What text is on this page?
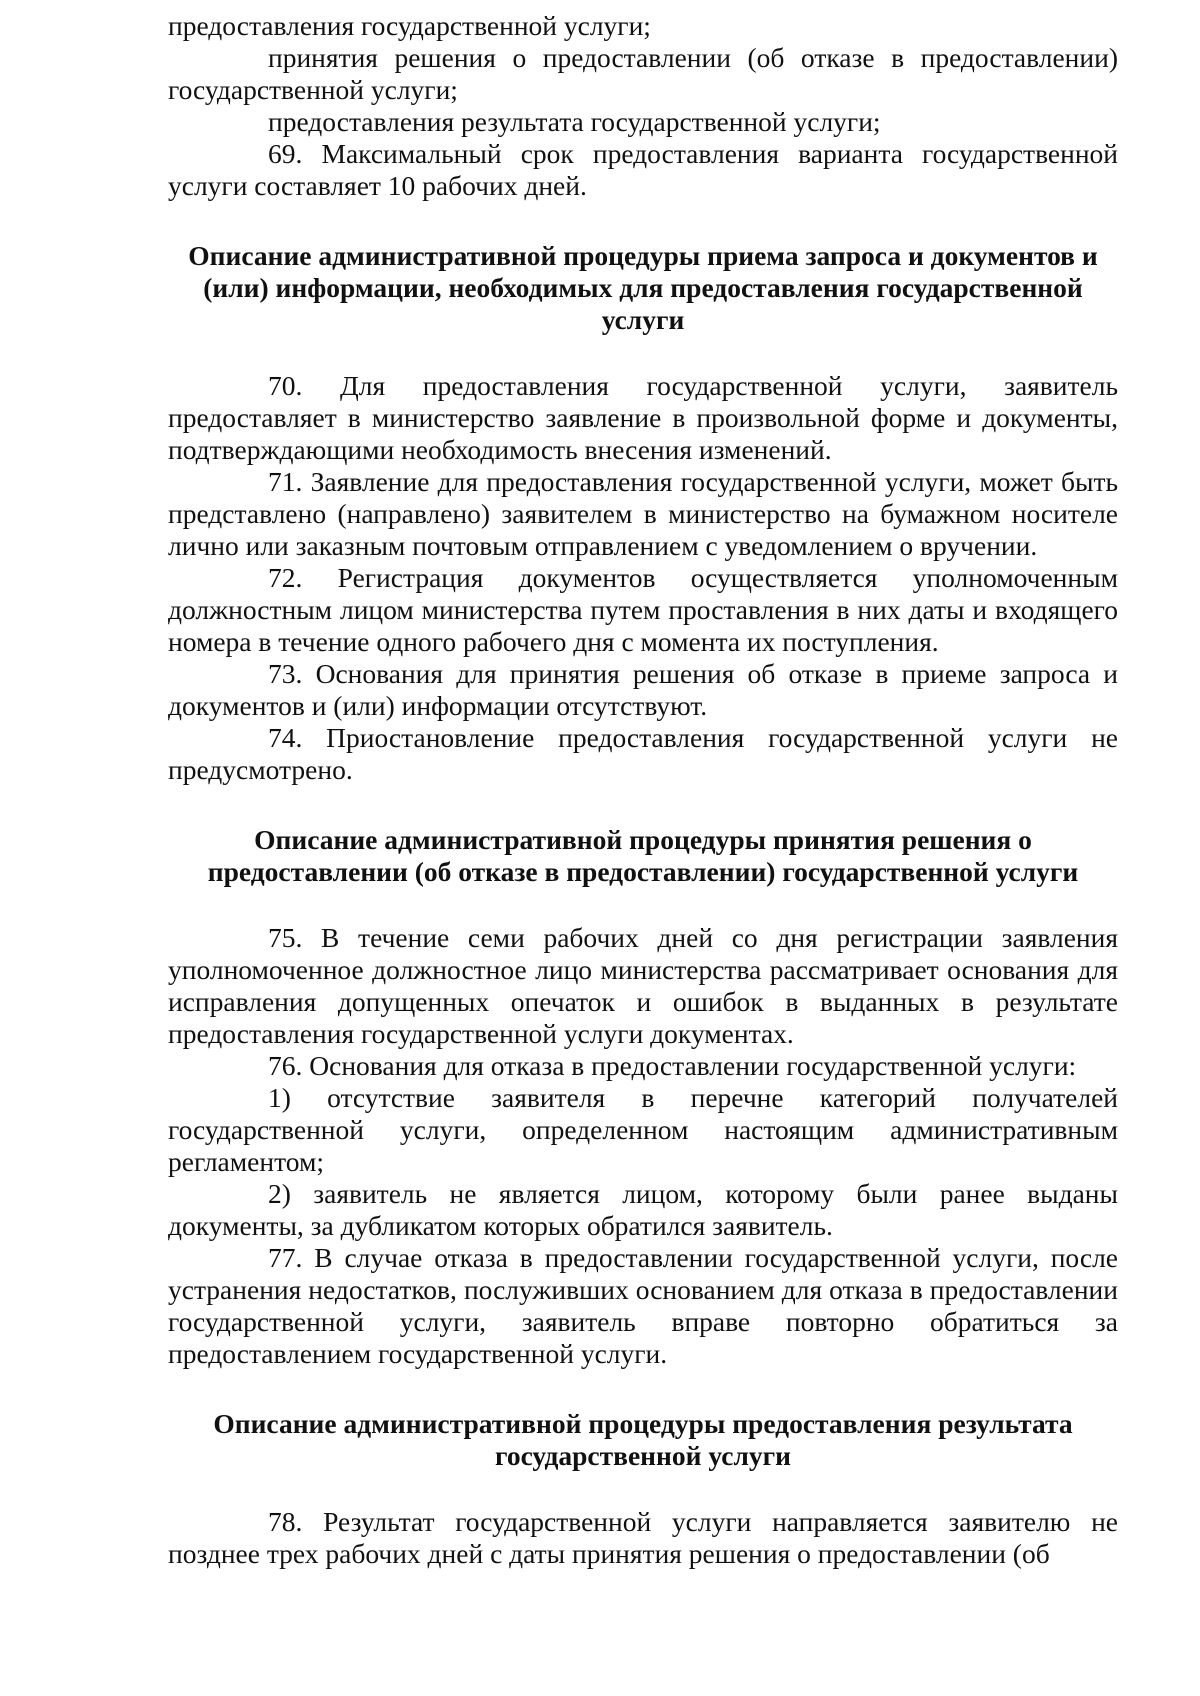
предоставления государственной услуги;

принятия решения о предоставлении (об отказе в предоставлении) государственной услуги;

предоставления результата государственной услуги;

69. Максимальный срок предоставления варианта государственной услуги составляет 10 рабочих дней.

Описание административной процедуры приема запроса и документов и (или) информации, необходимых для предоставления государственной услуги

70. Для предоставления государственной услуги, заявитель предоставляет в министерство заявление в произвольной форме и документы, подтверждающими необходимость внесения изменений.

71. Заявление для предоставления государственной услуги, может быть представлено (направлено) заявителем в министерство на бумажном носителе лично или заказным почтовым отправлением с уведомлением о вручении.

72. Регистрация документов осуществляется уполномоченным должностным лицом министерства путем проставления в них даты и входящего номера в течение одного рабочего дня с момента их поступления.

73. Основания для принятия решения об отказе в приеме запроса и документов и (или) информации отсутствуют.

74. Приостановление предоставления государственной услуги не предусмотрено.

Описание административной процедуры принятия решения о предоставлении (об отказе в предоставлении) государственной услуги

75. В течение семи рабочих дней со дня регистрации заявления уполномоченное должностное лицо министерства рассматривает основания для исправления допущенных опечаток и ошибок в выданных в результате предоставления государственной услуги документах.

76. Основания для отказа в предоставлении государственной услуги:

1) отсутствие заявителя в перечне категорий получателей государственной услуги, определенном настоящим административным регламентом;

2) заявитель не является лицом, которому были ранее выданы документы, за дубликатом которых обратился заявитель.

77. В случае отказа в предоставлении государственной услуги, после устранения недостатков, послуживших основанием для отказа в предоставлении государственной услуги, заявитель вправе повторно обратиться за предоставлением государственной услуги.

Описание административной процедуры предоставления результата государственной услуги

78. Результат государственной услуги направляется заявителю не позднее трех рабочих дней с даты принятия решения о предоставлении (об
